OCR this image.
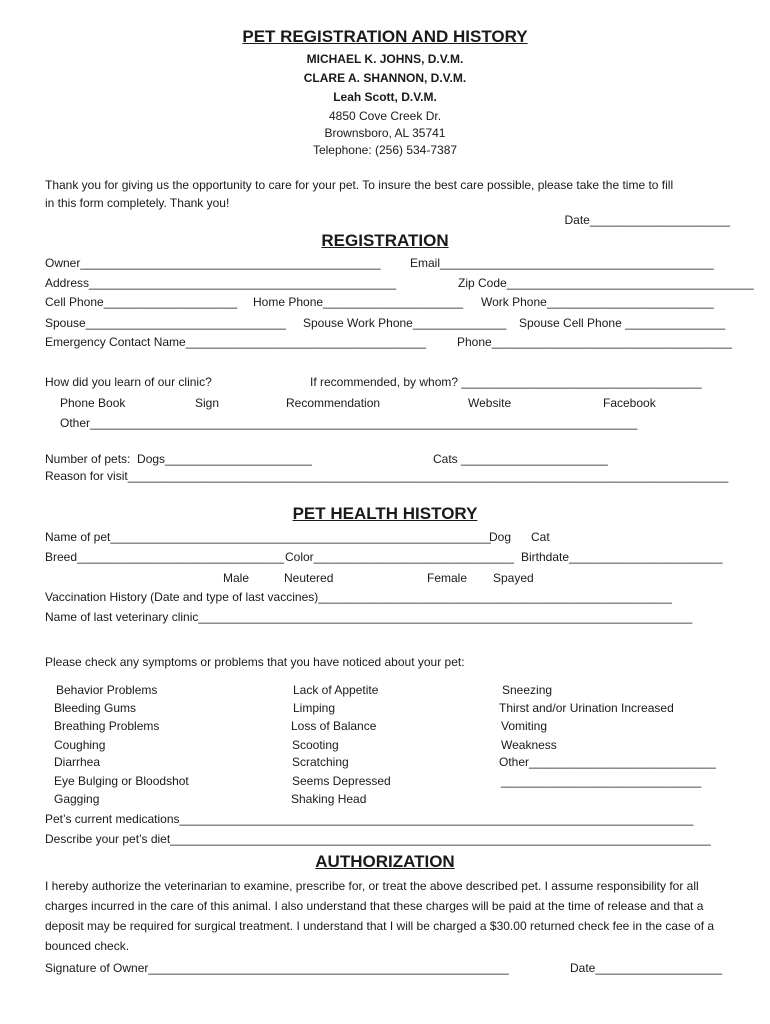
PET REGISTRATION AND HISTORY
MICHAEL K. JOHNS, D.V.M.
CLARE A. SHANNON, D.V.M.
Leah Scott, D.V.M.
4850 Cove Creek Dr.
Brownsboro, AL 35741
Telephone: (256) 534-7387
Thank you for giving us the opportunity to care for your pet. To insure the best care possible, please take the time to fill
in this form completely. Thank you!
Date_____________________
REGISTRATION
Owner_____________________________________________ Email_________________________________________
Address______________________________________________	Zip Code_____________________________________
Cell Phone____________________ Home Phone_____________________ Work Phone_________________________
Spouse______________________________ Spouse Work Phone______________ Spouse Cell Phone _______________
Emergency Contact Name____________________________________	Phone____________________________________
How did you learn of our clinic?	If recommended, by whom? ____________________________________
Phone Book	Sign	Recommendation	Website	Facebook
Other__________________________________________________________________________________
Number of pets:  Dogs______________________	Cats ______________________
Reason for visit__________________________________________________________________________________________
PET HEALTH HISTORY
Name of pet_________________________________________________________
Dog Cat
Breed_______________________________ Color______________________________ Birthdate_______________________
Male	Neutered	Female Spayed
Vaccination History (Date and type of last vaccines)_____________________________________________________
Name of last veterinary clinic__________________________________________________________________________
Please check any symptoms or problems that you have noticed about your pet:
Behavior Problems
Bleeding Gums
Breathing Problems
Coughing
Diarrhea
Eye Bulging or Bloodshot
Gagging
Lack of Appetite
Limping
Loss of Balance
Scooting
Scratching
Seems Depressed
Shaking Head
Sneezing
Thirst and/or Urination Increased
Vomiting
Weakness
Other____________________________
______________________________
Pet’s current medications_____________________________________________________________________________
Describe your pet’s diet_________________________________________________________________________________
AUTHORIZATION
I hereby authorize the veterinarian to examine, prescribe for, or treat the above described pet. I assume responsibility for all charges incurred in the care of this animal. I also understand that these charges will be paid at the time of release and that a deposit may be required for surgical treatment. I understand that I will be charged a $30.00 returned check fee in the case of a bounced check.
Signature of Owner______________________________________________________	Date___________________
